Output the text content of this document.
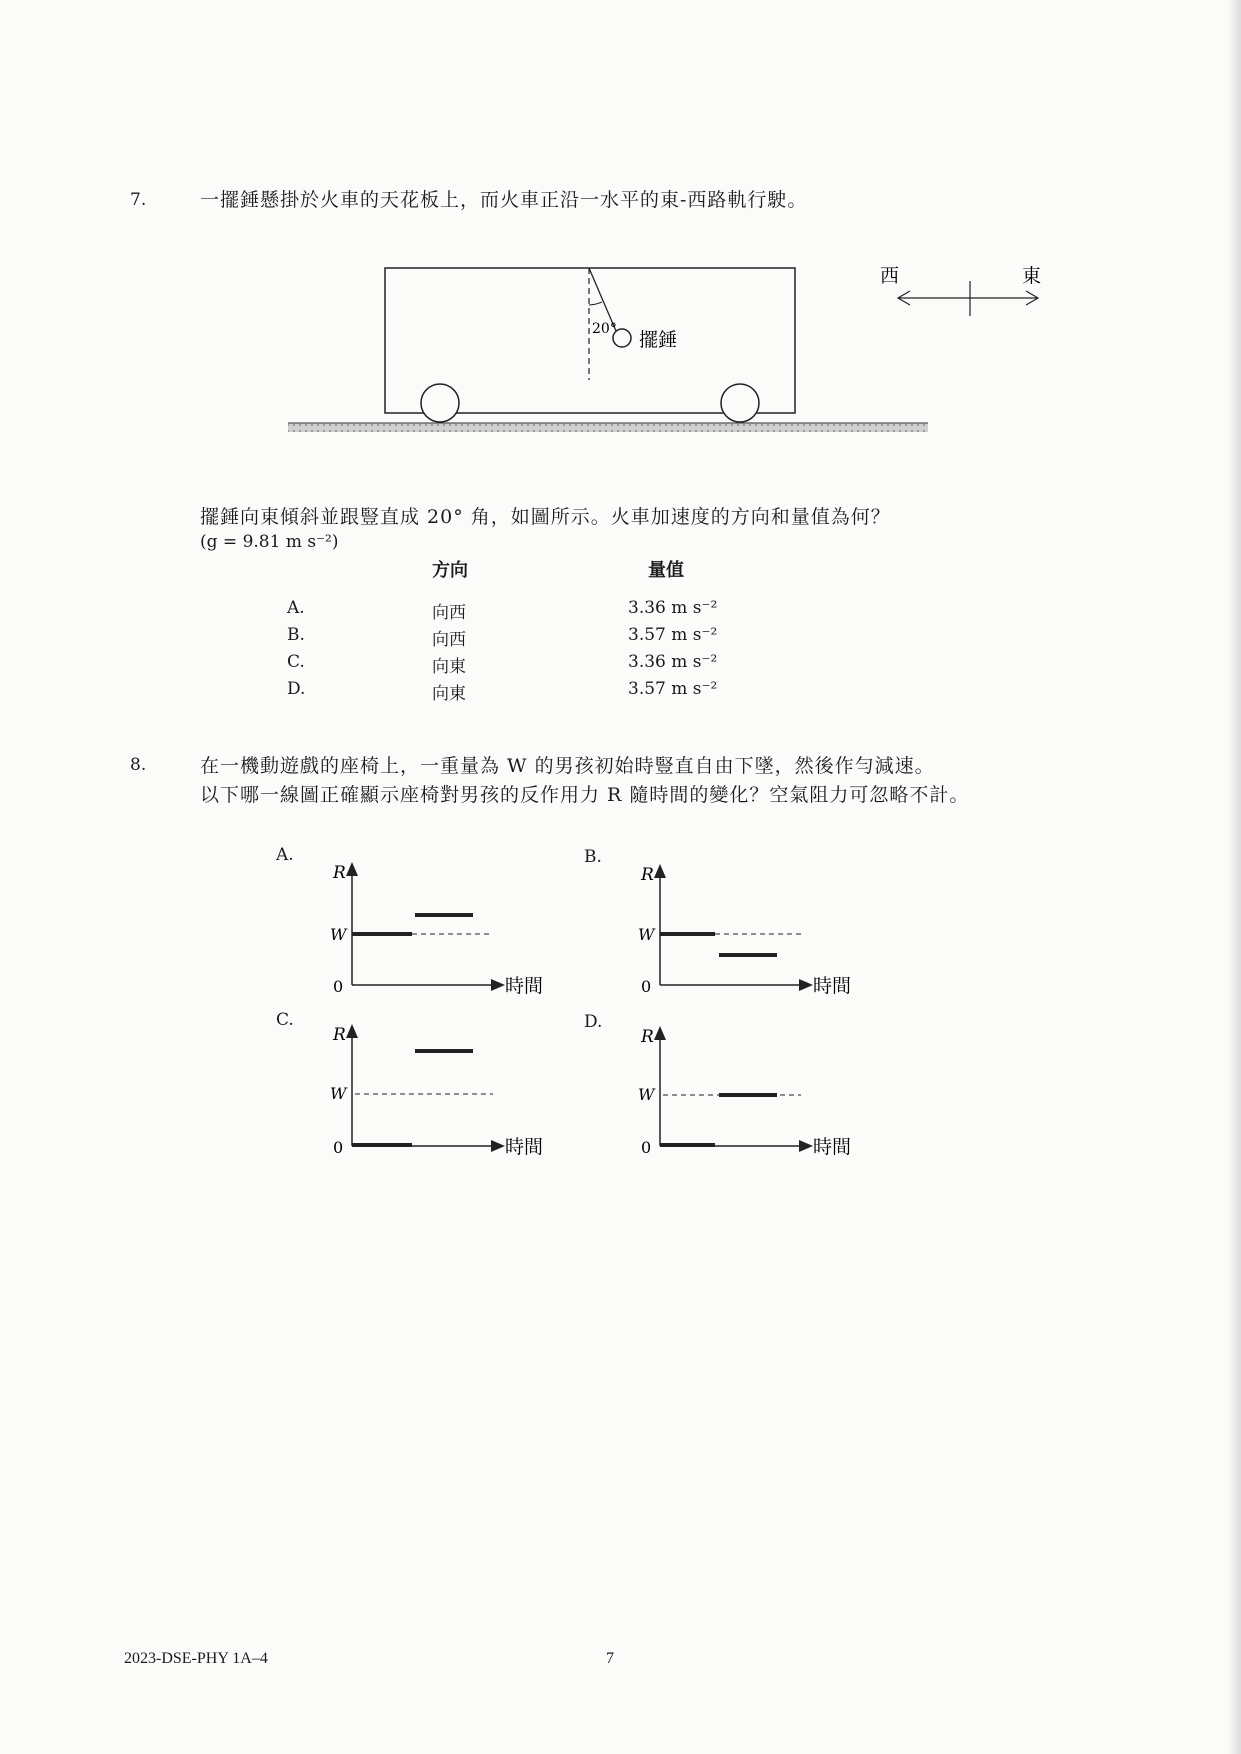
7.	一擺錘懸掛於火車的天花板上，而火車正沿一水平的東-西路軌行駛。
20° 擺錘
西	東
擺錘向東傾斜並跟豎直成 20° 角，如圖所示。火車加速度的方向和量值為何？
(g = 9.81 m s⁻²)
方向	量值
A.	向西	3.36 m s⁻²
B.	向西	3.57 m s⁻²
C.	向東	3.36 m s⁻²
D.	向東	3.57 m s⁻²
8.	在一機動遊戲的座椅上，一重量為 W 的男孩初始時豎直自由下墜，然後作勻減速。
以下哪一線圖正確顯示座椅對男孩的反作用力 R 隨時間的變化？空氣阻力可忽略不計。
A.	B.
C.	D.
R
W
0	時間
R
W
0	時間
R
W
0	時間
R
W
0	時間
2023-DSE-PHY 1A–4	7
